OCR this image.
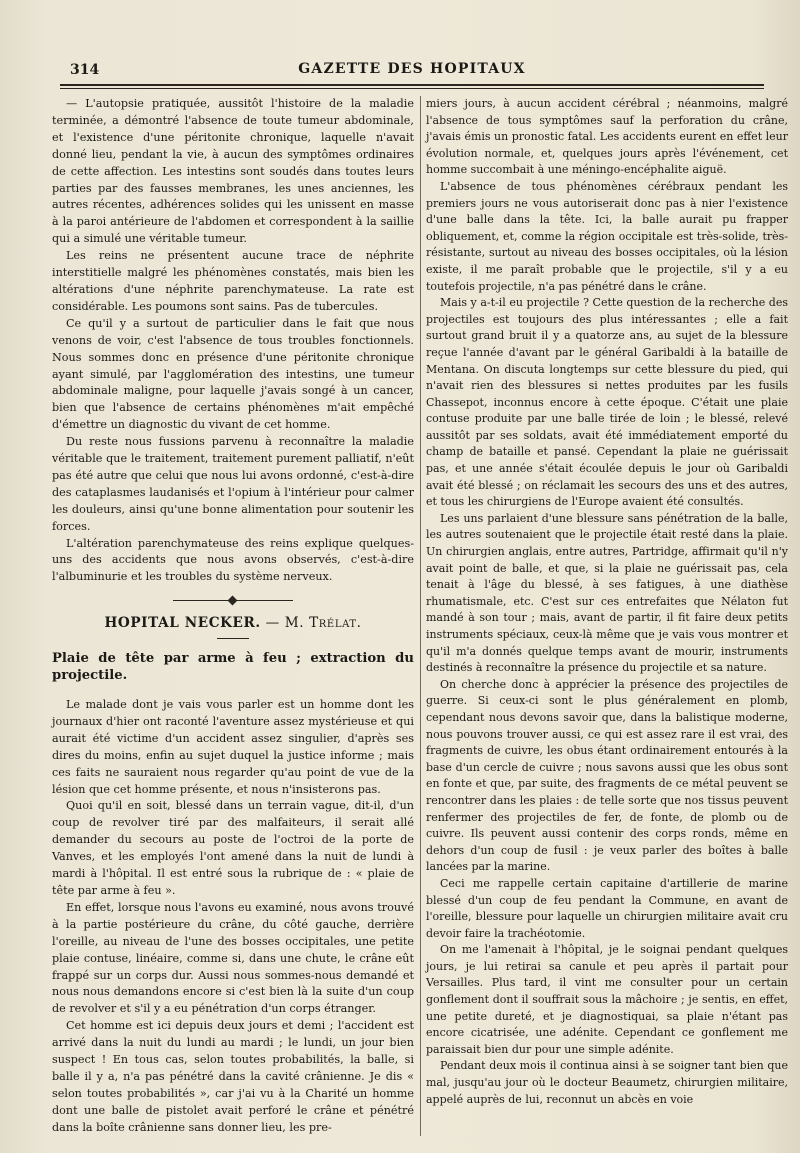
314	GAZETTE DES HOPITAUX

— L'autopsie pratiquée, aussitôt l'histoire de la maladie terminée, a démontré l'absence de toute tumeur abdominale, et l'existence d'une péritonite chronique, laquelle n'avait donné lieu, pendant la vie, à aucun des symptômes ordinaires de cette affection. Les intestins sont soudés dans toutes leurs parties par des fausses membranes, les unes anciennes, les autres récentes, adhérences solides qui les unissent en masse à la paroi antérieure de l'abdomen et correspondent à la saillie qui a simulé une véritable tumeur.

Les reins ne présentent aucune trace de néphrite interstitielle malgré les phénomènes constatés, mais bien les altérations d'une néphrite parenchymateuse. La rate est considérable. Les poumons sont sains. Pas de tubercules.

Ce qu'il y a surtout de particulier dans le fait que nous venons de voir, c'est l'absence de tous troubles fonctionnels. Nous sommes donc en présence d'une péritonite chronique ayant simulé, par l'agglomération des intestins, une tumeur abdominale maligne, pour laquelle j'avais songé à un cancer, bien que l'absence de certains phénomènes m'ait empêché d'émettre un diagnostic du vivant de cet homme.

Du reste nous fussions parvenu à reconnaître la maladie véritable que le traitement, traitement purement palliatif, n'eût pas été autre que celui que nous lui avons ordonné, c'est-à-dire des cataplasmes laudanisés et l'opium à l'intérieur pour calmer les douleurs, ainsi qu'une bonne alimentation pour soutenir les forces.

L'altération parenchymateuse des reins explique quelques-uns des accidents que nous avons observés, c'est-à-dire l'albuminurie et les troubles du système nerveux.

HOPITAL NECKER. — M. Trélat.

Plaie de tête par arme à feu ; extraction du projectile.

Le malade dont je vais vous parler est un homme dont les journaux d'hier ont raconté l'aventure assez mystérieuse et qui aurait été victime d'un accident assez singulier, d'après ses dires du moins, enfin au sujet duquel la justice informe ; mais ces faits ne sauraient nous regarder qu'au point de vue de la lésion que cet homme présente, et nous n'insisterons pas.

Quoi qu'il en soit, blessé dans un terrain vague, dit-il, d'un coup de revolver tiré par des malfaiteurs, il serait allé demander du secours au poste de l'octroi de la porte de Vanves, et les employés l'ont amené dans la nuit de lundi à mardi à l'hôpital. Il est entré sous la rubrique de : « plaie de tête par arme à feu ».

En effet, lorsque nous l'avons eu examiné, nous avons trouvé à la partie postérieure du crâne, du côté gauche, derrière l'oreille, au niveau de l'une des bosses occipitales, une petite plaie contuse, linéaire, comme si, dans une chute, le crâne eût frappé sur un corps dur. Aussi nous sommes-nous demandé et nous nous demandons encore si c'est bien là la suite d'un coup de revolver et s'il y a eu pénétration d'un corps étranger.

Cet homme est ici depuis deux jours et demi ; l'accident est arrivé dans la nuit du lundi au mardi ; le lundi, un jour bien suspect ! En tous cas, selon toutes probabilités, la balle, si balle il y a, n'a pas pénétré dans la cavité crânienne. Je dis « selon toutes probabilités », car j'ai vu à la Charité un homme dont une balle de pistolet avait perforé le crâne et pénétré dans la boîte crânienne sans donner lieu, les pre-

miers jours, à aucun accident cérébral ; néanmoins, malgré l'absence de tous symptômes sauf la perforation du crâne, j'avais émis un pronostic fatal. Les accidents eurent en effet leur évolution normale, et, quelques jours après l'événement, cet homme succombait à une méningo-encéphalite aiguë.

L'absence de tous phénomènes cérébraux pendant les premiers jours ne vous autoriserait donc pas à nier l'existence d'une balle dans la tête. Ici, la balle aurait pu frapper obliquement, et, comme la région occipitale est très-solide, très-résistante, surtout au niveau des bosses occipitales, où la lésion existe, il me paraît probable que le projectile, s'il y a eu toutefois projectile, n'a pas pénétré dans le crâne.

Mais y a-t-il eu projectile ? Cette question de la recherche des projectiles est toujours des plus intéressantes ; elle a fait surtout grand bruit il y a quatorze ans, au sujet de la blessure reçue l'année d'avant par le général Garibaldi à la bataille de Mentana. On discuta longtemps sur cette blessure du pied, qui n'avait rien des blessures si nettes produites par les fusils Chassepot, inconnus encore à cette époque. C'était une plaie contuse produite par une balle tirée de loin ; le blessé, relevé aussitôt par ses soldats, avait été immédiatement emporté du champ de bataille et pansé. Cependant la plaie ne guérissait pas, et une année s'était écoulée depuis le jour où Garibaldi avait été blessé ; on réclamait les secours des uns et des autres, et tous les chirurgiens de l'Europe avaient été consultés.

Les uns parlaient d'une blessure sans pénétration de la balle, les autres soutenaient que le projectile était resté dans la plaie. Un chirurgien anglais, entre autres, Partridge, affirmait qu'il n'y avait point de balle, et que, si la plaie ne guérissait pas, cela tenait à l'âge du blessé, à ses fatigues, à une diathèse rhumatismale, etc. C'est sur ces entrefaites que Nélaton fut mandé à son tour ; mais, avant de partir, il fit faire deux petits instruments spéciaux, ceux-là même que je vais vous montrer et qu'il m'a donnés quelque temps avant de mourir, instruments destinés à reconnaître la présence du projectile et sa nature.

On cherche donc à apprécier la présence des projectiles de guerre. Si ceux-ci sont le plus généralement en plomb, cependant nous devons savoir que, dans la balistique moderne, nous pouvons trouver aussi, ce qui est assez rare il est vrai, des fragments de cuivre, les obus étant ordinairement entourés à la base d'un cercle de cuivre ; nous savons aussi que les obus sont en fonte et que, par suite, des fragments de ce métal peuvent se rencontrer dans les plaies : de telle sorte que nos tissus peuvent renfermer des projectiles de fer, de fonte, de plomb ou de cuivre. Ils peuvent aussi contenir des corps ronds, même en dehors d'un coup de fusil : je veux parler des boîtes à balle lancées par la marine.

Ceci me rappelle certain capitaine d'artillerie de marine blessé d'un coup de feu pendant la Commune, en avant de l'oreille, blessure pour laquelle un chirurgien militaire avait cru devoir faire la trachéotomie.

On me l'amenait à l'hôpital, je le soignai pendant quelques jours, je lui retirai sa canule et peu après il partait pour Versailles. Plus tard, il vint me consulter pour un certain gonflement dont il souffrait sous la mâchoire ; je sentis, en effet, une petite dureté, et je diagnostiquai, sa plaie n'étant pas encore cicatrisée, une adénite. Cependant ce gonflement me paraissait bien dur pour une simple adénite.

Pendant deux mois il continua ainsi à se soigner tant bien que mal, jusqu'au jour où le docteur Beaumetz, chirurgien militaire, appelé auprès de lui, reconnut un abcès en voie
